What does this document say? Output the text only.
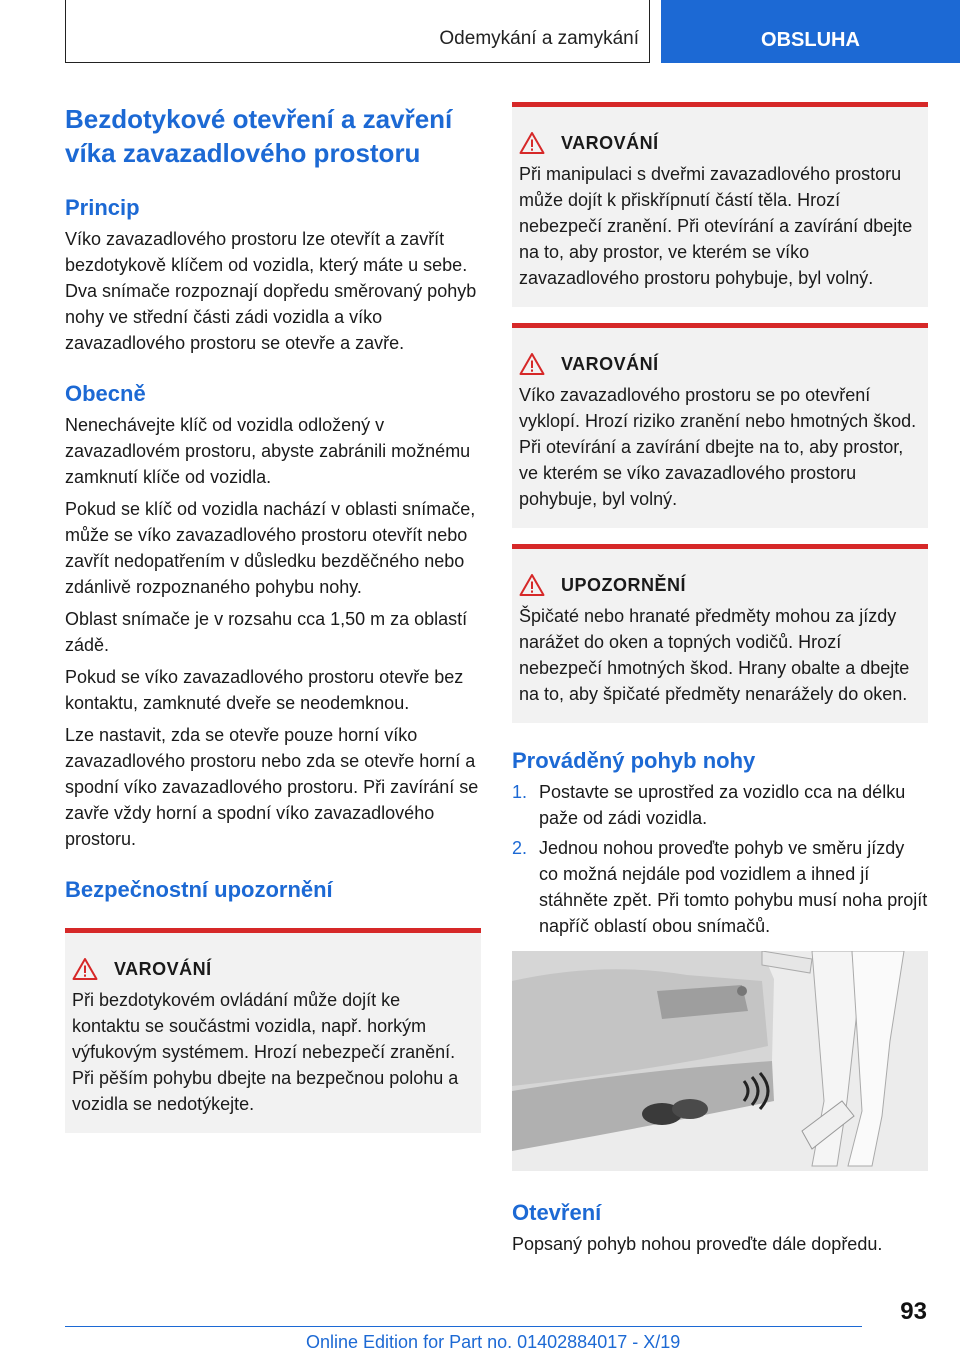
Odemykání a zamykání	OBSLUHA
Bezdotykové otevření a zavření víka zavazadlového prostoru
Princip

Víko zavazadlového prostoru lze otevřít a zavřít bezdotykově klíčem od vozidla, který máte u sebe. Dva snímače rozpoznají dopředu směrovaný pohyb nohy ve střední části zádi vozidla a víko zavazadlového prostoru se otevře a zavře.

Obecně

Nenechávejte klíč od vozidla odložený v zavazadlovém prostoru, abyste zabránili možnému zamknutí klíče od vozidla.

Pokud se klíč od vozidla nachází v oblasti snímače, může se víko zavazadlového prostoru otevřít nebo zavřít nedopatřením v důsledku bezděčného nebo zdánlivě rozpoznaného pohybu nohy.

Oblast snímače je v rozsahu cca 1,50 m za oblastí zádě.

Pokud se víko zavazadlového prostoru otevře bez kontaktu, zamknuté dveře se neodemknou.

Lze nastavit, zda se otevře pouze horní víko zavazadlového prostoru nebo zda se otevře horní a spodní víko zavazadlového prostoru. Při zavírání se zavře vždy horní a spodní víko zavazadlového prostoru.

Bezpečnostní upozornění
VAROVÁNÍ

Při bezdotykovém ovládání může dojít ke kontaktu se součástmi vozidla, např. horkým výfukovým systémem. Hrozí nebezpečí zranění. Při pěším pohybu dbejte na bezpečnou polohu a vozidla se nedotýkejte.

VAROVÁNÍ

Při manipulaci s dveřmi zavazadlového prostoru může dojít k přiskřípnutí částí těla. Hrozí nebezpečí zranění. Při otevírání a zavírání dbejte na to, aby prostor, ve kterém se víko zavazadlového prostoru pohybuje, byl volný.

VAROVÁNÍ

Víko zavazadlového prostoru se po otevření vyklopí. Hrozí riziko zranění nebo hmotných škod. Při otevírání a zavírání dbejte na to, aby prostor, ve kterém se víko zavazadlového prostoru pohybuje, byl volný.

UPOZORNĚNÍ

Špičaté nebo hranaté předměty mohou za jízdy narážet do oken a topných vodičů. Hrozí nebezpečí hmotných škod. Hrany obalte a dbejte na to, aby špičaté předměty nenarážely do oken.

Prováděný pohyb nohy
1. Postavte se uprostřed za vozidlo cca na délku paže od zádi vozidla.
2. Jednou nohou proveďte pohyb ve směru jízdy co možná nejdále pod vozidlem a ihned jí stáhněte zpět. Při tomto pohybu musí noha projít napříč oblastí obou snímačů.
Otevření

Popsaný pohyb nohou proveďte dále dopředu.

93
Online Edition for Part no. 01402884017 - X/19
